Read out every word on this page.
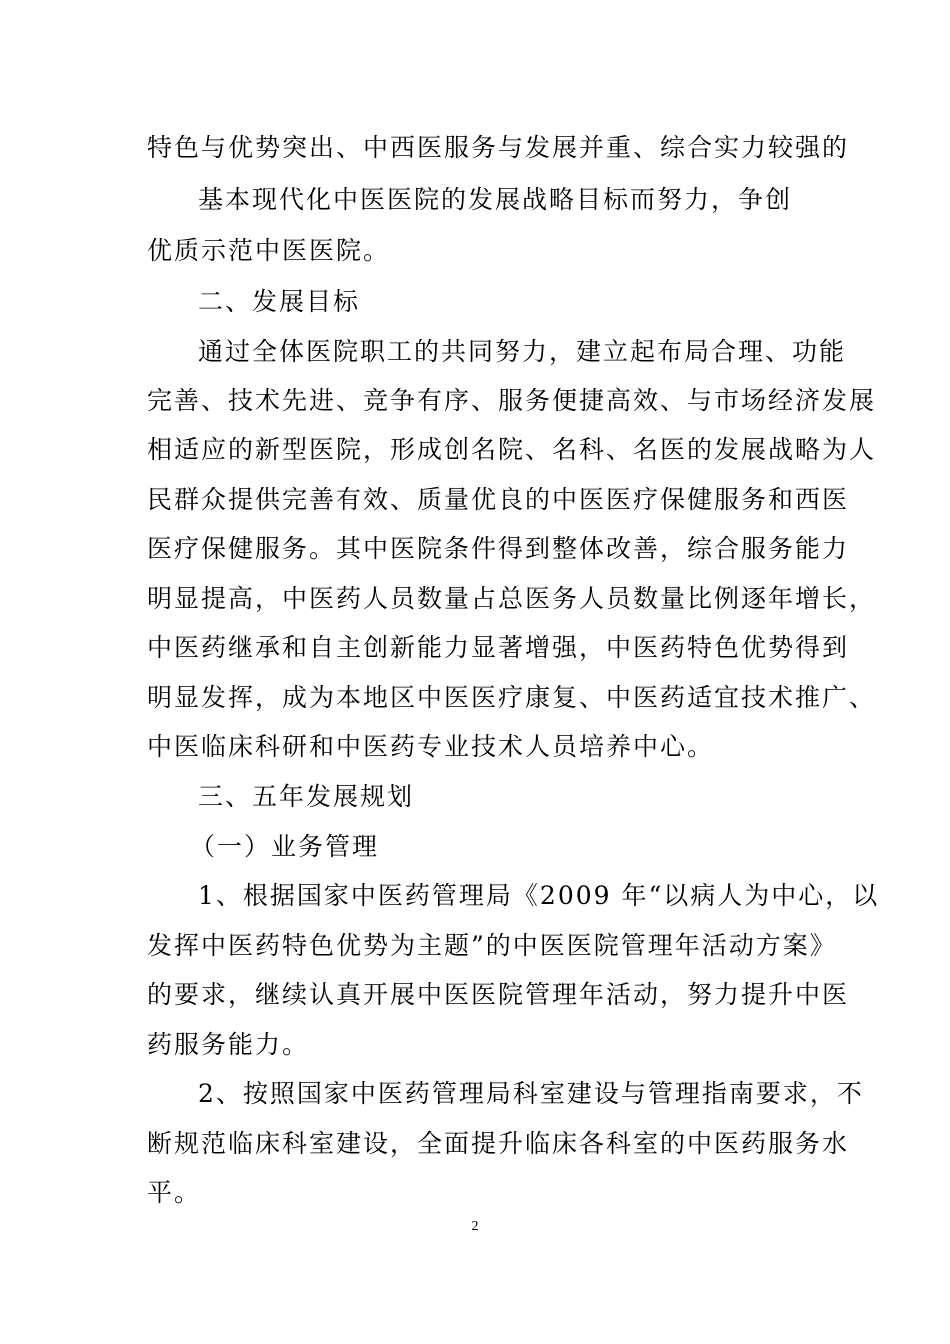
特色与优势突出、中西医服务与发展并重、综合实力较强的
基本现代化中医医院的发展战略目标而努力，争创
优质示范中医医院。
二、发展目标
通过全体医院职工的共同努力，建立起布局合理、功能
完善、技术先进、竞争有序、服务便捷高效、与市场经济发展
相适应的新型医院，形成创名院、名科、名医的发展战略为人
民群众提供完善有效、质量优良的中医医疗保健服务和西医
医疗保健服务。其中医院条件得到整体改善，综合服务能力
明显提高，中医药人员数量占总医务人员数量比例逐年增长，
中医药继承和自主创新能力显著增强，中医药特色优势得到
明显发挥，成为本地区中医医疗康复、中医药适宜技术推广、
中医临床科研和中医药专业技术人员培养中心。
三、五年发展规划
（一）业务管理
1、根据国家中医药管理局《2009 年“以病人为中心，以
发挥中医药特色优势为主题”的中医医院管理年活动方案》
的要求，继续认真开展中医医院管理年活动，努力提升中医
药服务能力。
2、按照国家中医药管理局科室建设与管理指南要求，不
断规范临床科室建设，全面提升临床各科室的中医药服务水
平。
2
